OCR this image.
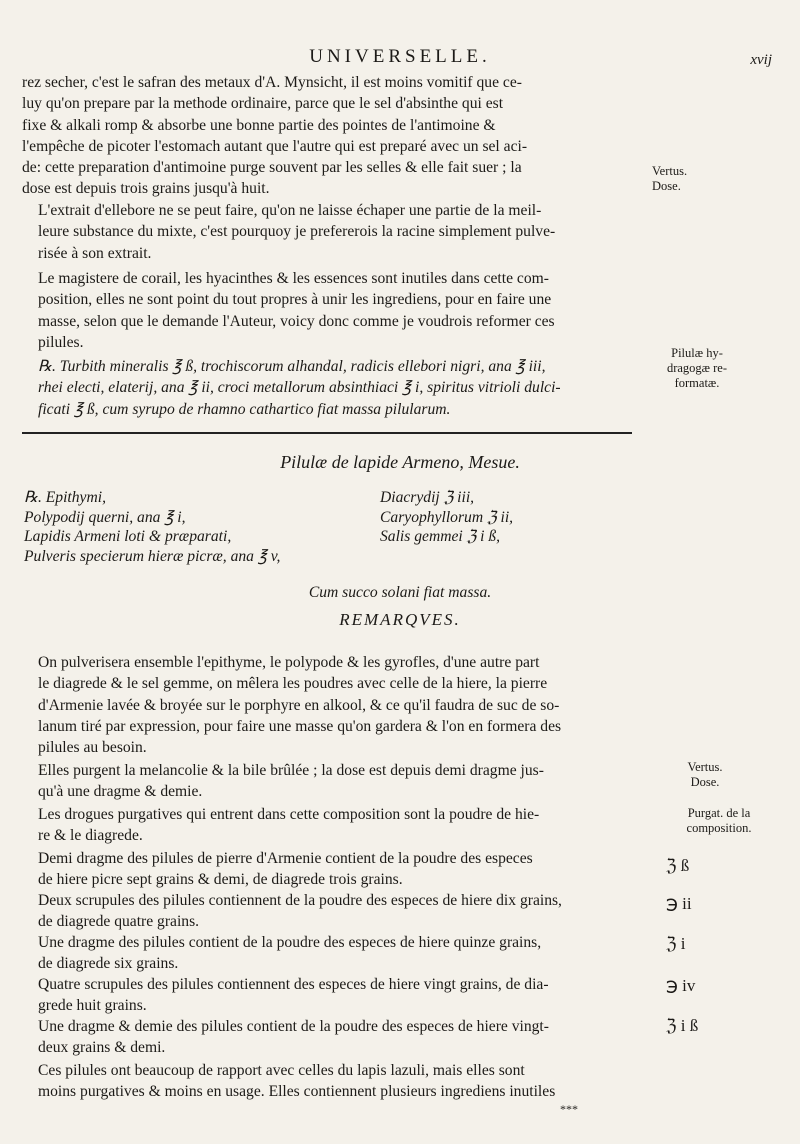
UNIVERSELLE.	xvij

rez secher, c'est le safran des metaux d'A. Mynsicht, il est moins vomitif que ce-
luy qu'on prepare par la methode ordinaire, parce que le sel d'absinthe qui est
fixe & alkali romp & absorbe une bonne partie des pointes de l'antimoine &
l'empêche de picoter l'estomach autant que l'autre qui est preparé avec un sel aci-
de: cette preparation d'antimoine purge souvent par les selles & elle fait suer ; la
dose est depuis trois grains jusqu'à huit.

Vertus.
Dose.

L'extrait d'ellebore ne se peut faire, qu'on ne laisse échaper une partie de la meil-
leure substance du mixte, c'est pourquoy je prefererois la racine simplement pulve-
risée à son extrait.

Le magistere de corail, les hyacinthes & les essences sont inutiles dans cette com-
position, elles ne sont point du tout propres à unir les ingrediens, pour en faire une
masse, selon que le demande l'Auteur, voicy donc comme je voudrois reformer ces
pilules.

℞. Turbith mineralis ℥ ß, trochiscorum alhandal, radicis ellebori nigri, ana ℥ iii,
rhei electi, elaterij, ana ℥ ii, croci metallorum absinthiaci ℥ i, spiritus vitrioli dulci-
ficati ℥ ß, cum syrupo de rhamno cathartico fiat massa pilularum.

Pilulæ hy-
dragogæ re-
formatæ.
Pilulæ de lapide Armeno, Mesue.
℞. Epithymi,
Polypodij querni, ana ℥ i,
Lapidis Armeni loti & præparati,
Pulveris specierum hieræ picræ, ana ℥ v,
Diacrydij ℨ iii,
Caryophyllorum ℨ ii,
Salis gemmei ℨ i ß,
Cum succo solani fiat massa.
REMARQVES.

On pulverisera ensemble l'epithyme, le polypode & les gyrofles, d'une autre part
le diagrede & le sel gemme, on mêlera les poudres avec celle de la hiere, la pierre
d'Armenie lavée & broyée sur le porphyre en alkool, & ce qu'il faudra de suc de so-
lanum tiré par expression, pour faire une masse qu'on gardera & l'on en formera des
pilules au besoin.

Elles purgent la melancolie & la bile brûlée ; la dose est depuis demi dragme jus-
qu'à une dragme & demie.

Vertus.
Dose.

Les drogues purgatives qui entrent dans cette composition sont la poudre de hie-
re & le diagrede.

Purgat. de la
composition.

Demi dragme des pilules de pierre d'Armenie contient de la poudre des especes
de hiere picre sept grains & demi, de diagrede trois grains.

ℨ ß

Deux scrupules des pilules contiennent de la poudre des especes de hiere dix grains,
de diagrede quatre grains.

℈ ii

Une dragme des pilules contient de la poudre des especes de hiere quinze grains,
de diagrede six grains.

ℨ i

Quatre scrupules des pilules contiennent des especes de hiere vingt grains, de dia-
grede huit grains.

℈ iv

Une dragme & demie des pilules contient de la poudre des especes de hiere vingt-
deux grains & demi.

ℨ i ß

Ces pilules ont beaucoup de rapport avec celles du lapis lazuli, mais elles sont
moins purgatives & moins en usage. Elles contiennent plusieurs ingrediens inutiles

***
